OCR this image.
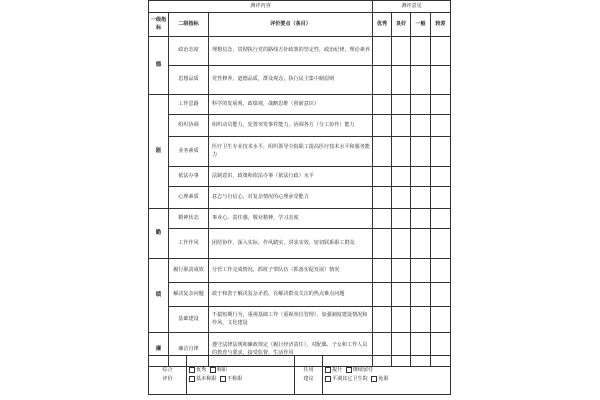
测评内容			测评意见			
一级指标	二级指标	评价要点（条目）	优秀	良好	一般	较差
德	政治态度	理想信念，贯彻执行党的路线方针政策的坚定性，政治纪律，理论素养				
	思想品质	党性修养，道德品质，群众观念，执行民主集中制原则				
能	工作思路	科学的发展观，政绩观，战略思维（创新意识）				
	组织协调	组织动员能力，处置突发事件能力，协调各方（分工协作）能力				
	业务素质	医疗卫生专业技术水平，组织领导全院职工提高医疗技术水平和服务能力				
	依法办事	法制意识，政策和依法办事（依法行政）水平				
	心理素质	意志与自信心，对复杂情况的心理承受能力				
勤	精神状态	事业心、责任感，敬业精神，学习态度				
	工作作风	团结协作，深入实际，作风踏实，讲求实效，密切联系职工群众				
绩	履行职责成效	分管工作完成情况，抓班子带队伍（抓落实促发展）情况				
	解决复杂问题	敢于和善于解决复杂矛盾，在解决群众关注的热点难点问题				
	基础建设	不搞短期行为，重视基础工作（重视单位管理），加强制度建设情况和作风，文化建设				
廉	廉洁自律	遵守法律法规和廉政规定（履行经济责任），对配偶、子女和工作人员的教育与要求，接受监督，生活作风				
综合
评价	
优秀 称职
基本称职 不称职
	任用
建议	
提升 继续留任
平调其它卫生院 免职
